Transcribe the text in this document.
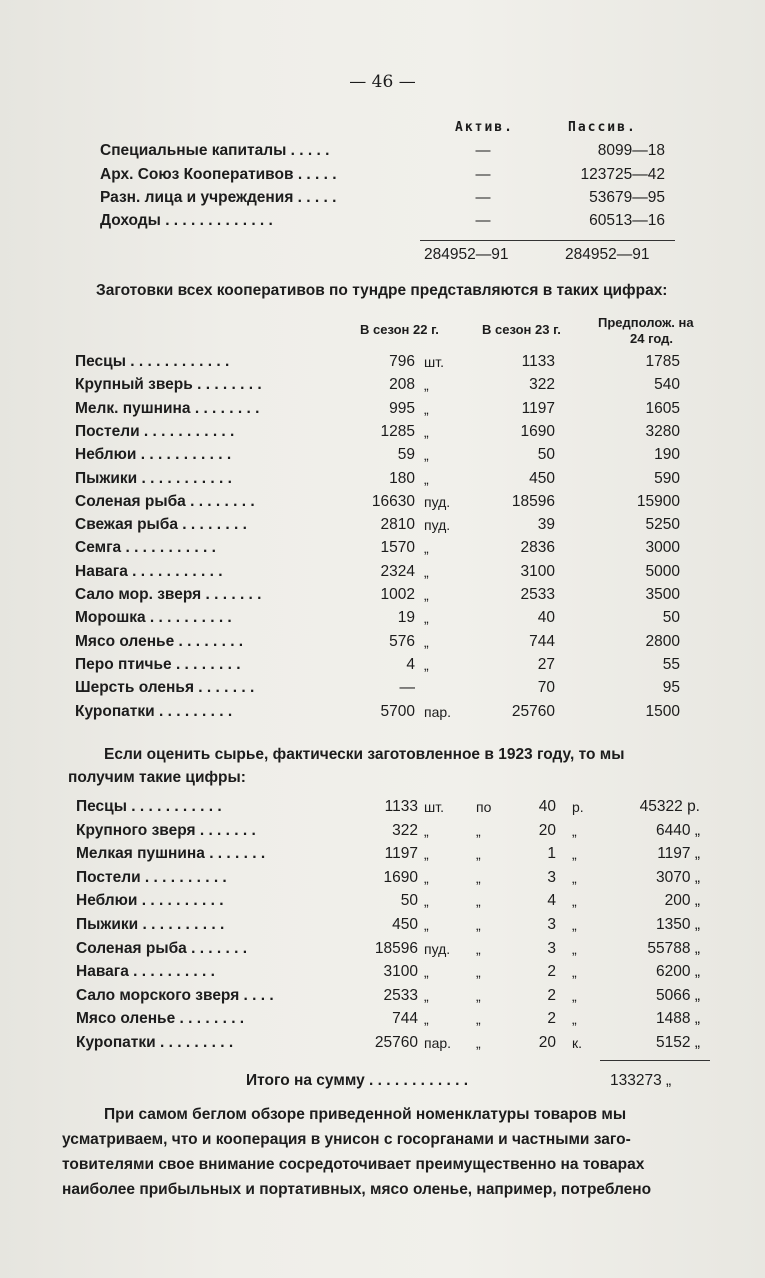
— 46 —
Актив.	Пассив.
Специальные капиталы . . . . .	—	8099—18
Арх. Союз Кооперативов . . . . .	—	123725—42
Разн. лица и учреждения . . . . .	—	53679—95
Доходы . . . . . . . . . . . . .	—	60513—16
284952—91	284952—91
Заготовки всех кооперативов по тундре представляются в таких цифрах:
В сезон 22 г.	В сезон 23 г.	Предполож. на
24 год.
Песцы . . . . . . . . . . . .	796 шт.	1133	1785
Крупный зверь . . . . . . . .	208 „	322	540
Мелк. пушнина . . . . . . . .	995 „	1197	1605
Постели . . . . . . . . . . .	1285 „	1690	3280
Неблюи . . . . . . . . . . .	59 „	50	190
Пыжики . . . . . . . . . . .	180 „	450	590
Соленая рыба . . . . . . . .	16630 пуд.	18596	15900
Свежая рыба . . . . . . . .	2810 пуд.	39	5250
Семга . . . . . . . . . . .	1570 „	2836	3000
Навага . . . . . . . . . . .	2324 „	3100	5000
Сало мор. зверя . . . . . . .	1002 „	2533	3500
Морошка . . . . . . . . . .	19 „	40	50
Мясо оленье . . . . . . . .	576 „	744	2800
Перо птичье . . . . . . . .	4 „	27	55
Шерсть оленья . . . . . . .	—	70	95
Куропатки . . . . . . . . .	5700 пар.	25760	1500
Если оценить сырье, фактически заготовленное в 1923 году, то мы
получим такие цифры:
Песцы . . . . . . . . . . .	1133 шт. по	40 р.	45322 р.
Крупного зверя . . . . . . .	322 „	„	20 „	6440 „
Мелкая пушнина . . . . . . .	1197 „	„	1 „	1197 „
Постели . . . . . . . . . .	1690 „	„	3 „	3070 „
Неблюи . . . . . . . . . .	50 „	„	4 „	200 „
Пыжики . . . . . . . . . .	450 „	„	3 „	1350 „
Соленая рыба . . . . . . .	18596 пуд. „	3 „	55788 „
Навага . . . . . . . . . .	3100 „	„	2 „	6200 „
Сало морского зверя . . . .	2533 „	„	2 „	5066 „
Мясо оленье . . . . . . . .	744 „	„	2 „	1488 „
Куропатки . . . . . . . . .	25760 пар. „	20 к.	5152 „
Итого на сумму . . . . . . . . . . . .	133273 „
При самом беглом обзоре приведенной номенклатуры товаров мы
усматриваем, что и кооперация в унисон с госорганами и частными заго-
товителями свое внимание сосредоточивает преимущественно на товарах
наиболее прибыльных и портативных, мясо оленье, например, потреблено
